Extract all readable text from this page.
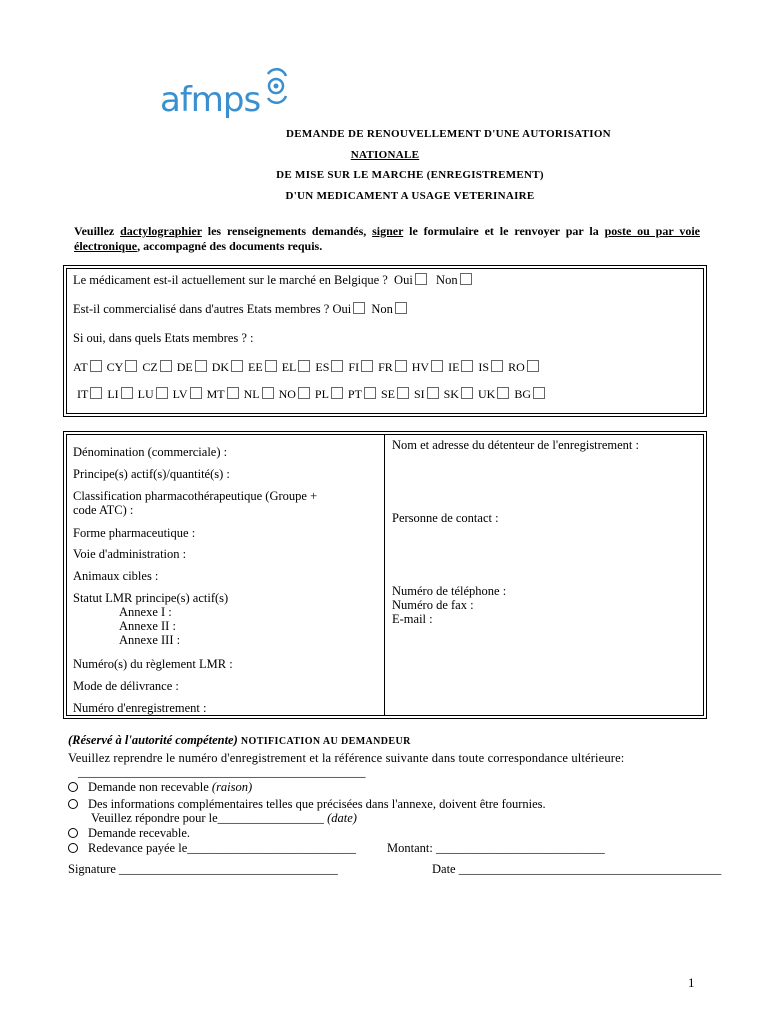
afmps
DEMANDE DE RENOUVELLEMENT D'UNE AUTORISATION
NATIONALE
DE MISE SUR LE MARCHE (ENREGISTREMENT)
D'UN MEDICAMENT A USAGE VETERINAIRE
Veuillez dactylographier les renseignements demandés, signer le formulaire et le renvoyer par la poste ou par voie électronique, accompagné des documents requis.
Le médicament est-il actuellement sur le marché en Belgique ? Oui Non
Est-il commercialisé dans d'autres Etats membres ? Oui Non
Si oui, dans quels Etats membres ? :
AT CY CZ DE DK EE EL ES FI FR HV IE IS RO
IT LI LU LV MT NL NO PL PT SE SI SK UK BG
Dénomination (commerciale) :
Principe(s) actif(s)/quantité(s) :
Classification pharmacothérapeutique (Groupe +
code ATC) :
Forme pharmaceutique :
Voie d'administration :
Animaux cibles :
Statut LMR principe(s) actif(s)
Annexe I :
Annexe II :
Annexe III :
Numéro(s) du règlement LMR :
Mode de délivrance :
Numéro d'enregistrement :
Nom et adresse du détenteur de l'enregistrement :
Personne de contact :
Numéro de téléphone :
Numéro de fax :
E-mail :
(Réservé à l'autorité compétente) NOTIFICATION AU DEMANDEUR
Veuillez reprendre le numéro d'enregistrement et la référence suivante dans toute correspondance ultérieure:
______________________________________________
Demande non recevable (raison)
Des informations complémentaires telles que précisées dans l'annexe, doivent être fournies.
Veuillez répondre pour le_________________ (date)
Demande recevable.
Redevance payée le___________________________ Montant: ___________________________
Signature ___________________________________	Date __________________________________________
1
